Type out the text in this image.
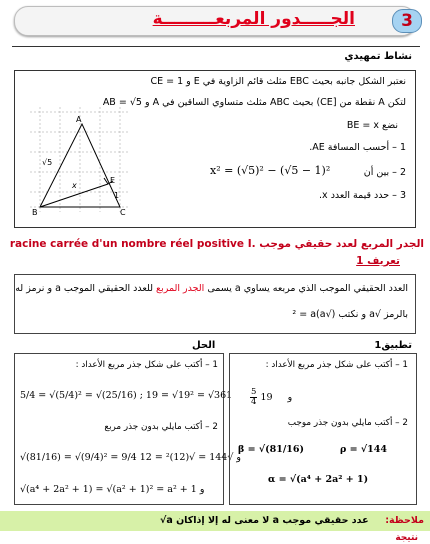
الجـــــدور المربعـــــــــة	3
نشاط تمهيدي
نعتبر الشكل جانبه بحيث EBC مثلث قائم الزاوية في E و CE = 1
لتكن A نقطة من [CE) بحيث ABC مثلث متساوي الساقين في A و AB = √5
نضع BE = x
1 – أحسب المسافة AE.
2 – بين أن
x² = (√5)² − (√5 − 1)²
3 – حدد قيمة العدد x.
A
B	C
E
√5
x
1
racine carrée d'un nombre réel positive I. الجدر المربع لعدد حقيقي موجب
تعريف 1
العدد الحقيقي الموجب الذي مربعه يساوي a يسمى الجدر المربع للعدد الحقيقي الموجب a و نرمز له
بالرمز √a و نكتب (√a)² = a
الحل	تطبيق1
1 – أكتب على شكل جذر مربع الأعداد :
5/4 = √(5/4)² = √(25/16) ; 19 = √19² = √361
2 – أكتب مايلي بدون جذر مربع
√(81/16) = √(9/4)² = 9/4 و √144 = √(12)² = 12
√(a⁴ + 2a² + 1) = √(a² + 1)² = a² + 1 و
1 – أكتب على شكل جذر مربع الأعداد :
$\frac{5}{4}$	و 19
2 – أكتب مايلي بدون جذر موجب
β = √(81/16)	ρ = √144
α = √(a⁴ + 2a² + 1)
ملاحظة:
√a لا معنى له إلا إذاكان a عدد حقيقي موجب
نتيجة
